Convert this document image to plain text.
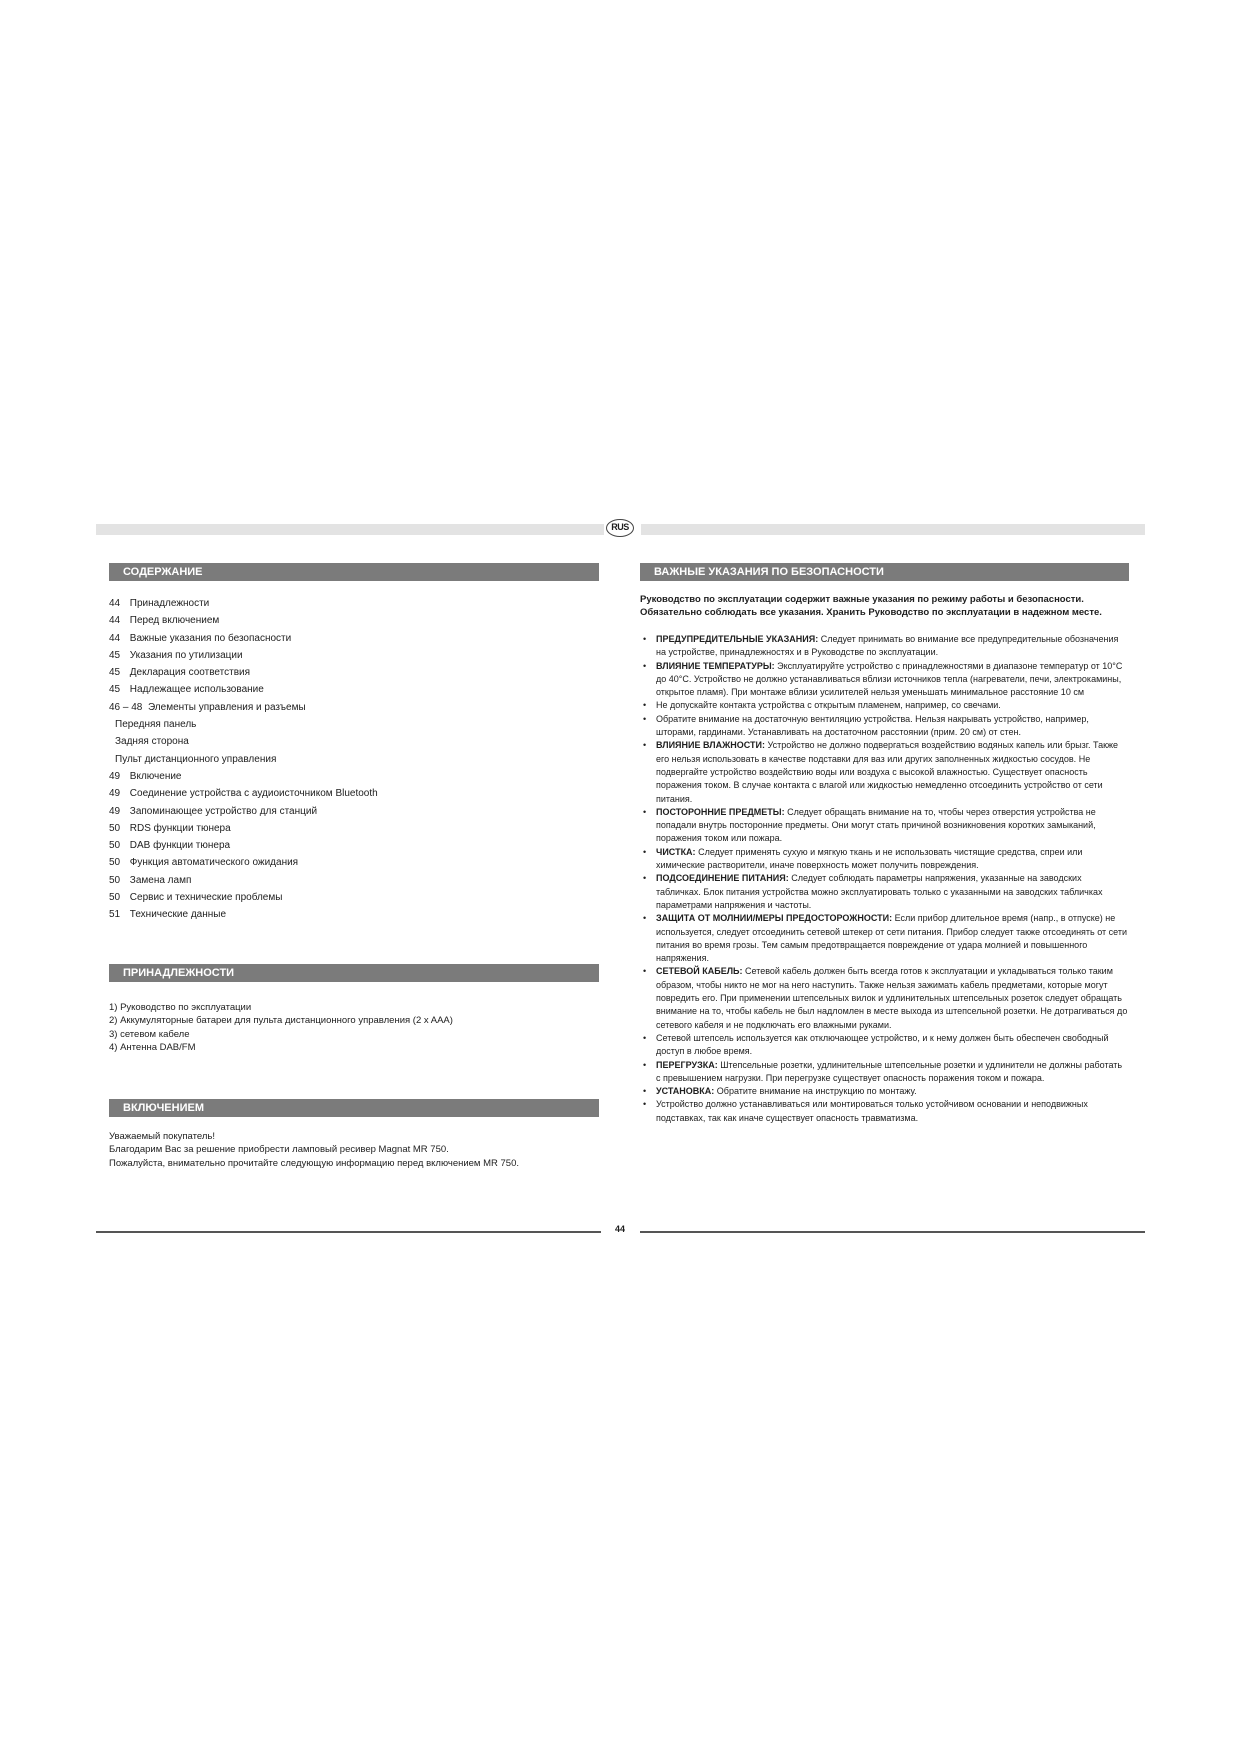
RUS
СОДЕРЖАНИЕ
44 Принадлежности
44 Перед включением
44 Важные указания по безопасности
45 Указания по утилизации
45 Декларация соответствия
45 Надлежащее использование
46 – 48 Элементы управления и разъемы
Передняя панель
Задняя сторона
Пульт дистанционного управления
49 Включение
49 Соединение устройства с аудиоисточником Bluetooth
49 Запоминающее устройство для станций
50 RDS функции тюнера
50 DAB функции тюнера
50 Функция автоматического ожидания
50 Замена ламп
50 Сервис и технические проблемы
51 Технические данные
ПРИНАДЛЕЖНОСТИ
1) Руководство по эксплуатации
2) Аккумуляторные батареи для пульта дистанционного управления (2 x AAA)
3) сетевом кабеле
4) Антенна DAB/FM
ВКЛЮЧЕНИЕМ

Уважаемый покупатель!

Благодарим Вас за решение приобрести ламповый ресивер Magnat MR 750.

Пожалуйста, внимательно прочитайте следующую информацию перед включением MR 750.

ВАЖНЫЕ УКАЗАНИЯ ПО БЕЗОПАСНОСТИ

Руководство по эксплуатации содержит важные указания по режиму работы и безопасности. Обязательно соблюдать все указания. Хранить Руководство по эксплуатации в надежном месте.

• ПРЕДУПРЕДИТЕЛЬНЫЕ УКАЗАНИЯ: Следует принимать во внимание все предупредительные обозначения на устройстве, принадлежностях и в Руководстве по эксплуатации.
• ВЛИЯНИЕ ТЕМПЕРАТУРЫ: Эксплуатируйте устройство с принадлежностями в диапазоне температур от 10°C до 40°C. Устройство не должно устанавливаться вблизи источников тепла (нагреватели, печи, электрокамины, открытое пламя). При монтаже вблизи усилителей нельзя уменьшать минимальное расстояние 10 см
• Не допускайте контакта устройства с открытым пламенем, например, со свечами.
• Обратите внимание на достаточную вентиляцию устройства. Нельзя накрывать устройство, например, шторами, гардинами. Устанавливать на достаточном расстоянии (прим. 20 см) от стен.
• ВЛИЯНИЕ ВЛАЖНОСТИ: Устройство не должно подвергаться воздействию водяных капель или брызг. Также его нельзя использовать в качестве подставки для ваз или других заполненных жидкостью сосудов. Не подвергайте устройство воздействию воды или воздуха с высокой влажностью. Существует опасность поражения током. В случае контакта с влагой или жидкостью немедленно отсоединить устройство от сети питания.
• ПОСТОРОННИЕ ПРЕДМЕТЫ: Следует обращать внимание на то, чтобы через отверстия устройства не попадали внутрь посторонние предметы. Они могут стать причиной возникновения коротких замыканий, поражения током или пожара.
• ЧИСТКА: Следует применять сухую и мягкую ткань и не использовать чистящие средства, спреи или химические растворители, иначе поверхность может получить повреждения.
• ПОДСОЕДИНЕНИЕ ПИТАНИЯ: Следует соблюдать параметры напряжения, указанные на заводских табличках. Блок питания устройства можно эксплуатировать только с указанными на заводских табличках параметрами напряжения и частоты.
• ЗАЩИТА ОТ МОЛНИИ/МЕРЫ ПРЕДОСТОРОЖНОСТИ: Если прибор длительное время (напр., в отпуске) не используется, следует отсоединить сетевой штекер от сети питания. Прибор следует также отсоединять от сети питания во время грозы. Тем самым предотвращается повреждение от удара молнией и повышенного напряжения.
• СЕТЕВОЙ КАБЕЛЬ: Сетевой кабель должен быть всегда готов к эксплуатации и укладываться только таким образом, чтобы никто не мог на него наступить. Также нельзя зажимать кабель предметами, которые могут повредить его. При применении штепсельных вилок и удлинительных штепсельных розеток следует обращать внимание на то, чтобы кабель не был надломлен в месте выхода из штепсельной розетки. Не дотрагиваться до сетевого кабеля и не подключать его влажными руками.
• Сетевой штепсель используется как отключающее устройство, и к нему должен быть обеспечен свободный доступ в любое время.
• ПЕРЕГРУЗКА: Штепсельные розетки, удлинительные штепсельные розетки и удлинители не должны работать с превышением нагрузки. При перегрузке существует опасность поражения током и пожара.
• УСТАНОВКА: Обратите внимание на инструкцию по монтажу.
• Устройство должно устанавливаться или монтироваться только устойчивом основании и неподвижных подставках, так как иначе существует опасность травматизма.
44
